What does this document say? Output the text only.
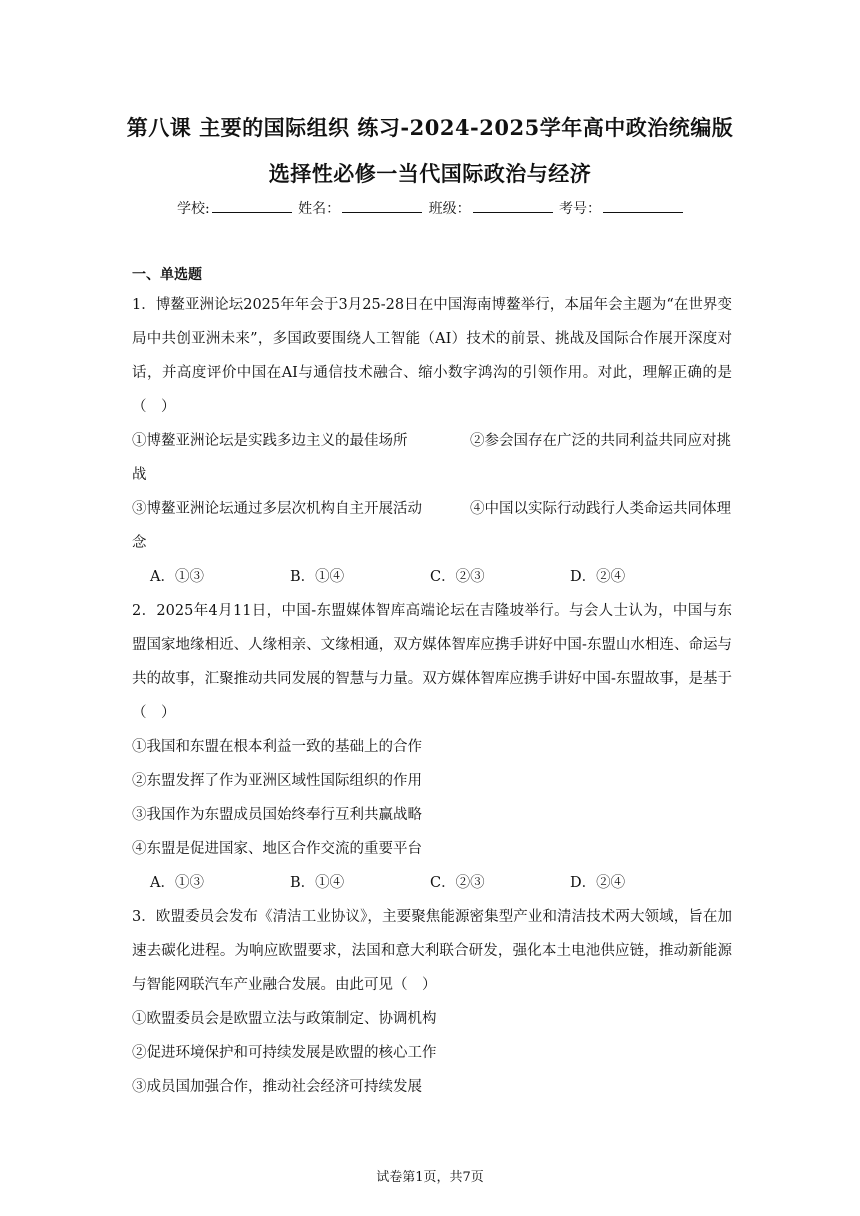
第八课 主要的国际组织 练习-2024-2025学年高中政治统编版
选择性必修一当代国际政治与经济
学校:	姓名：	班级：	考号：
一、单选题
1．博鳌亚洲论坛2025年年会于3月25-28日在中国海南博鳌举行，本届年会主题为“在世界变局中共创亚洲未来”，多国政要围绕人工智能（AI）技术的前景、挑战及国际合作展开深度对话，并高度评价中国在AI与通信技术融合、缩小数字鸿沟的引领作用。对此，理解正确的是（　）
①博鳌亚洲论坛是实践多边主义的最佳场所	②参会国存在广泛的共同利益共同应对挑战
③博鳌亚洲论坛通过多层次机构自主开展活动	④中国以实际行动践行人类命运共同体理念
A．①③	B．①④	C．②③	D．②④
2．2025年4月11日，中国-东盟媒体智库高端论坛在吉隆坡举行。与会人士认为，中国与东盟国家地缘相近、人缘相亲、文缘相通，双方媒体智库应携手讲好中国-东盟山水相连、命运与共的故事，汇聚推动共同发展的智慧与力量。双方媒体智库应携手讲好中国-东盟故事，是基于（　）
①我国和东盟在根本利益一致的基础上的合作
②东盟发挥了作为亚洲区域性国际组织的作用
③我国作为东盟成员国始终奉行互利共赢战略
④东盟是促进国家、地区合作交流的重要平台
A．①③	B．①④	C．②③	D．②④
3．欧盟委员会发布《清洁工业协议》，主要聚焦能源密集型产业和清洁技术两大领域，旨在加速去碳化进程。为响应欧盟要求，法国和意大利联合研发，强化本土电池供应链，推动新能源与智能网联汽车产业融合发展。由此可见（　）
①欧盟委员会是欧盟立法与政策制定、协调机构
②促进环境保护和可持续发展是欧盟的核心工作
③成员国加强合作，推动社会经济可持续发展
试卷第1页，共7页
